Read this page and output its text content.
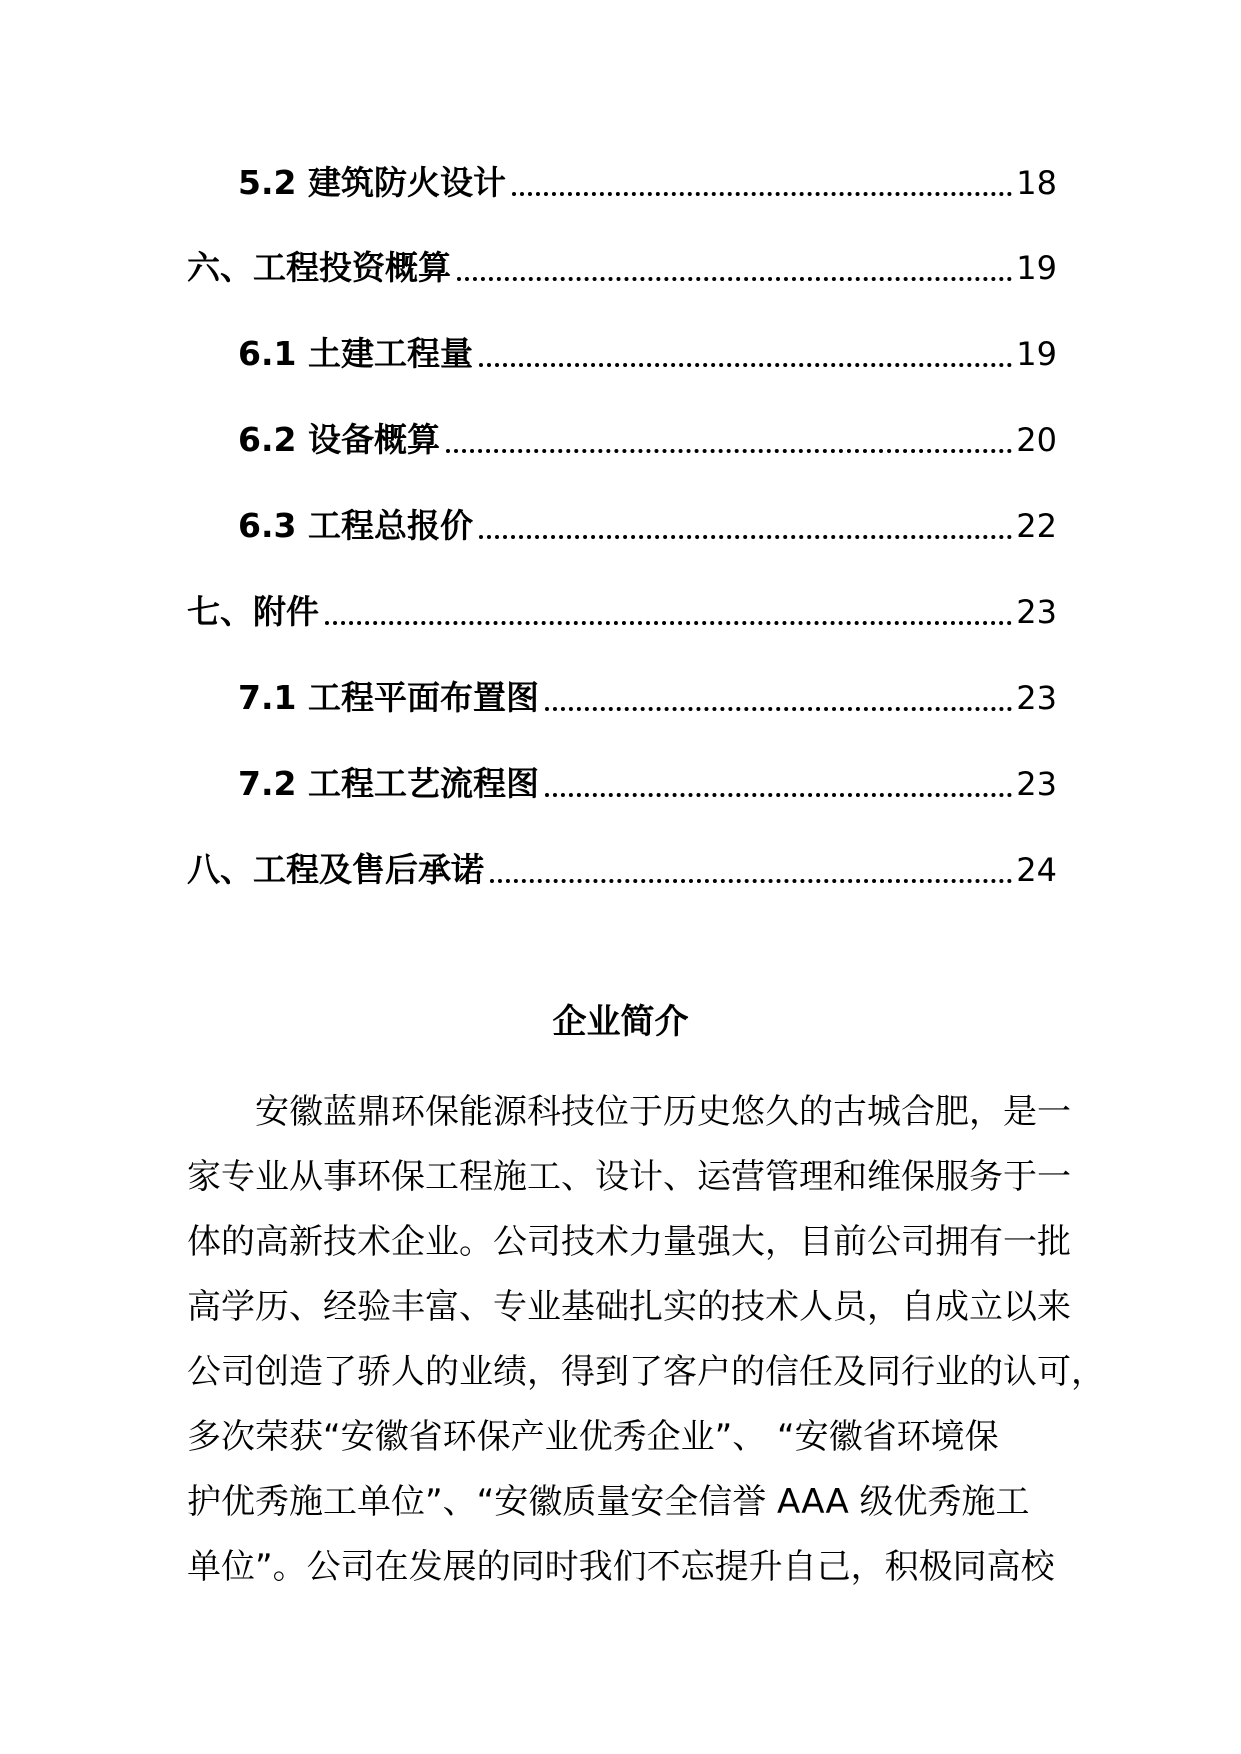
5.2 建筑防火设计	18
六、工程投资概算	19
6.1 土建工程量	19
6.2 设备概算	20
6.3 工程总报价	22
七、附件	23
7.1 工程平面布置图	23
7.2 工程工艺流程图	23
八、工程及售后承诺	24
企业简介
安徽蓝鼎环保能源科技位于历史悠久的古城合肥，是一
家专业从事环保工程施工、设计、运营管理和维保服务于一
体的高新技术企业。公司技术力量强大，目前公司拥有一批
高学历、经验丰富、专业基础扎实的技术人员，自成立以来
公司创造了骄人的业绩，得到了客户的信任及同行业的认可，
多次荣获“安徽省环保产业优秀企业”、 “安徽省环境保
护优秀施工单位”、“安徽质量安全信誉 AAA 级优秀施工
单位”。公司在发展的同时我们不忘提升自己，积极同高校
